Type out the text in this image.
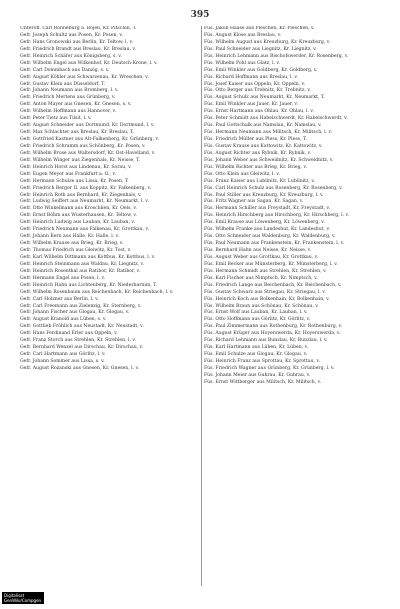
395

Unteroff. Carl Ronneburg a. Bojen, Kr. Pitschin, T.

Gefr. Joseph Schultz aus Posen, Kr. Posen, v.

Gefr. Hans Gronowski aus Berlin, Kr. Teltow, l. v.

Gefr. Friedrich Brandt aus Breslau, Kr. Breslau, v.

Gefr. Heinrich Schäfer aus Königsberg, s. v.

Gefr. Wilhelm Engel aus Wilkenhof, Kr. Deutsch-Krone, l. v.

Gefr. Carl Dommbach aus Danzig, s. v.

Gefr. August Köhler aus Schwarzenau, Kr. Wreschen, v.

Gefr. Gustav Klein aus Düsseldorf, T.

Gefr. Johann Neumann aus Bromberg, l. v.

Gefr. Friedrich Mertens aus Grünberg, v.

Gefr. Anton Mayer aus Gnesen, Kr. Gnesen, s. v.

Gefr. Wilhelm Hoffmann aus Hannover, v.

Gefr. Peter Tietz aus Tilsit, l. v.

Gefr. August Schneider aus Dortmund, Kr. Dortmund, l. v.

Gefr. Max Schlachter aus Breslau, Kr. Breslau, T.

Gefr. Gottfried Kastner aus Alt-Falkenberg, Kr. Grünberg, v.

Gefr. Friedrich Schramm aus Schönberg, Kr. Posen, v.

Gefr. Wilhelm Brose aus Waltersdorf, Kr. Ost-Havelland, v.

Gefr. Wilhelm Winger aus Ziegenhals, Kr. Neisse, T.

Gefr. Heinrich Horst aus Lindenau, Kr. Sorau, v.

Gefr. Eugen Meyer aus Frankfurt a. O., v.

Gefr. Hermann Schulze aus Lissa, Kr. Posen, T.

Gefr. Friedrich Berger II. aus Koppitz, Kr. Falkenberg, v.

Gefr. Heinrich Roth aus Bernhard, Kr. Ziegenhals, v.

Gefr. Ludwig Seiffert aus Neumarkt, Kr. Neumarkt, l. v.

Gefr. Otto Winkelmann aus Kroschken, Kr. Oels, v.

Gefr. Ernst Böhm aus Wusterhausen, Kr. Teltow, v.

Gefr. Heinrich Ludwig aus Lauban, Kr. Lauban, v.

Gefr. Friedrich Neumann aus Falkenau, Kr. Grottkau, v.

Gefr. Johann Kern aus Halle, Kr. Halle, l. v.

Gefr. Wilhelm Krause aus Brieg, Kr. Brieg, v.

Gefr. Thomas Friedrich aus Gleiwitz, Kr. Tost, v.

Gefr. Karl Wilhelm Dittmann aus Kottbus, Kr. Kottbus, l. v.

Gefr. Heinrich Steinmann aus Waldau, Kr. Liegnitz, v.

Gefr. Heinrich Rosenthal aus Ratibor, Kr. Ratibor, v.

Gefr. Hermann Engel aus Posen, l. v.

Gefr. Heinrich Hahn aus Lichtenberg, Kr. Niederbarnim, T.

Gefr. Wilhelm Rosenbaum aus Reichenbach, Kr. Reichenbach, l. v.

Gefr. Carl Holzner aus Berlin, l. v.

Gefr. Carl Freemann aus Zielenzig, Kr. Sternberg, v.

Gefr. Johann Fischer aus Glogau, Kr. Glogau, v.

Gefr. August Kranold aus Lüben, s. v.

Gefr. Gottlieb Fröhlich aus Neustadt, Kr. Neustadt, v.

Gefr. Hans Ferdinand Erler aus Oppeln, v.

Gefr. Franz Storch aus Strehlen, Kr. Strehlen, l. v.

Gefr. Bernhard Wenzel aus Dirschau, Kr. Dirschau, v.

Gefr. Carl Hartmann aus Görlitz, l. v.

Gefr. Johann Sommer aus Lissa, s. v.

Gefr. August Rozanski aus Gnesen, Kr. Gnesen, l. v.

Füs. Jakob Haase aus Pleschen, Kr. Pleschen, v.

Füs. August Klose aus Breslau, v.

Füs. Wilhelm August aus Kreuzburg, Kr. Kreuzburg, v.

Füs. Paul Schneider aus Liegnitz, Kr. Liegnitz, v.

Füs. Heinrich Lehmann aus Bischofswerder, Kr. Rosenberg, v.

Füs. Wilhelm Pohl aus Glatz, l. v.

Füs. Emil Winkler aus Goldberg, Kr. Goldberg, v.

Füs. Richard Hoffmann aus Breslau, l. v.

Füs. Josef Kaiser aus Oppeln, Kr. Oppeln, v.

Füs. Otto Berger aus Trebnitz, Kr. Trebnitz, v.

Füs. August Schulz aus Neumarkt, Kr. Neumarkt, T.

Füs. Emil Winkler aus Jauer, Kr. Jauer, v.

Füs. Ernst Hartmann aus Ohlau, Kr. Ohlau, l. v.

Füs. Peter Schmidt aus Habelschwerdt, Kr. Habelschwerdt, v.

Füs. Paul Gottschalk aus Namslau, Kr. Namslau, v.

Füs. Hermann Neumann aus Militsch, Kr. Militsch, l. v.

Füs. Friedrich Müller aus Pless, Kr. Pless, T.

Füs. Gustav Krause aus Kattowitz, Kr. Kattowitz, v.

Füs. August Richter aus Rybnik, Kr. Rybnik, v.

Füs. Johann Weber aus Schweidnitz, Kr. Schweidnitz, v.

Füs. Wilhelm Richter aus Brieg, Kr. Brieg, v.

Füs. Otto Klein aus Gleiwitz, l. v.

Füs. Franz Kaiser aus Lublinitz, Kr. Lublinitz, v.

Füs. Carl Heinrich Schulz aus Rosenberg, Kr. Rosenberg, v.

Füs. Paul Stiller aus Kreuzburg, Kr. Kreuzburg, l. v.

Füs. Fritz Wagner aus Sagan, Kr. Sagan, v.

Füs. Hermann Schiller aus Freystadt, Kr. Freystadt, v.

Füs. Heinrich Hirschberg aus Hirschberg, Kr. Hirschberg, l. v.

Füs. Emil Krause aus Löwenberg, Kr. Löwenberg, v.

Füs. Wilhelm Franke aus Landeshut, Kr. Landeshut, v.

Füs. Otto Schneider aus Waldenburg, Kr. Waldenburg, v.

Füs. Paul Neumann aus Frankenstein, Kr. Frankenstein, l. v.

Füs. Bernhard Hahn aus Neisse, Kr. Neisse, v.

Füs. August Weber aus Grottkau, Kr. Grottkau, v.

Füs. Emil Becker aus Münsterberg, Kr. Münsterberg, l. v.

Füs. Hermann Schmidt aus Strehlen, Kr. Strehlen, v.

Füs. Karl Fischer aus Nimptsch, Kr. Nimptsch, v.

Füs. Friedrich Lange aus Reichenbach, Kr. Reichenbach, v.

Füs. Gustav Schwarz aus Striegau, Kr. Striegau, l. v.

Füs. Heinrich Koch aus Bolkenhain, Kr. Bolkenhain, v.

Füs. Wilhelm Braun aus Schönau, Kr. Schönau, v.

Füs. Ernst Wolf aus Lauban, Kr. Lauban, l. v.

Füs. Otto Hoffmann aus Görlitz, Kr. Görlitz, v.

Füs. Paul Zimmermann aus Rothenburg, Kr. Rothenburg, v.

Füs. August Krüger aus Hoyerswerda, Kr. Hoyerswerda, v.

Füs. Richard Lehmann aus Bunzlau, Kr. Bunzlau, l. v.

Füs. Karl Hartmann aus Lüben, Kr. Lüben, v.

Füs. Emil Schulze aus Glogau, Kr. Glogau, v.

Füs. Heinrich Franz aus Sprottau, Kr. Sprottau, v.

Füs. Friedrich Wagner aus Grünberg, Kr. Grünberg, l. v.

Füs. Johann Meier aus Guhrau, Kr. Guhrau, v.

Füs. Ernst Wittberger aus Militsch, Kr. Militsch, v.

Digitalisat
GenWiki/Compgen
